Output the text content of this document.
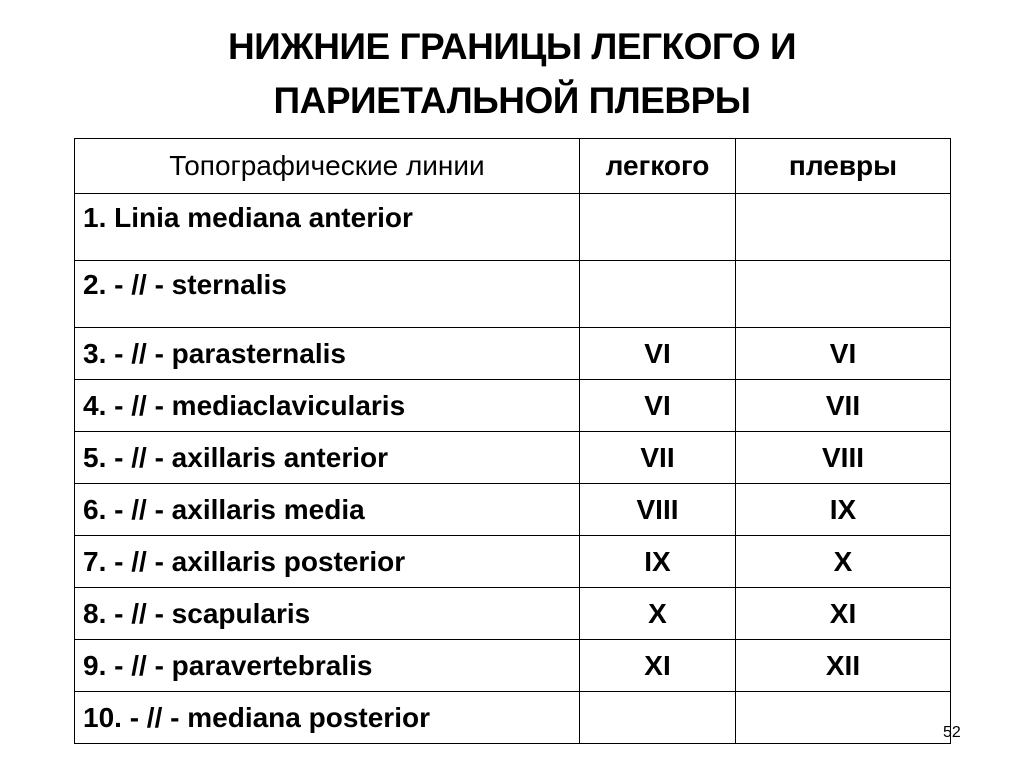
НИЖНИЕ ГРАНИЦЫ ЛЕГКОГО И
ПАРИЕТАЛЬНОЙ ПЛЕВРЫ
Топографические линии	легкого	плевры
1. Linia mediana anterior		
2. - // - sternalis		
3. - // - parasternalis	VI	VI
4. - // - mediaclavicularis	VI	VII
5. - // - axillaris anterior	VII	VIII
6. - // - axillaris media	VIII	IX
7. - // - axillaris posterior	IX	X
8. - // - scapularis	X	XI
9. - // - paravertebralis	XI	XII
10. - // - mediana posterior			52
